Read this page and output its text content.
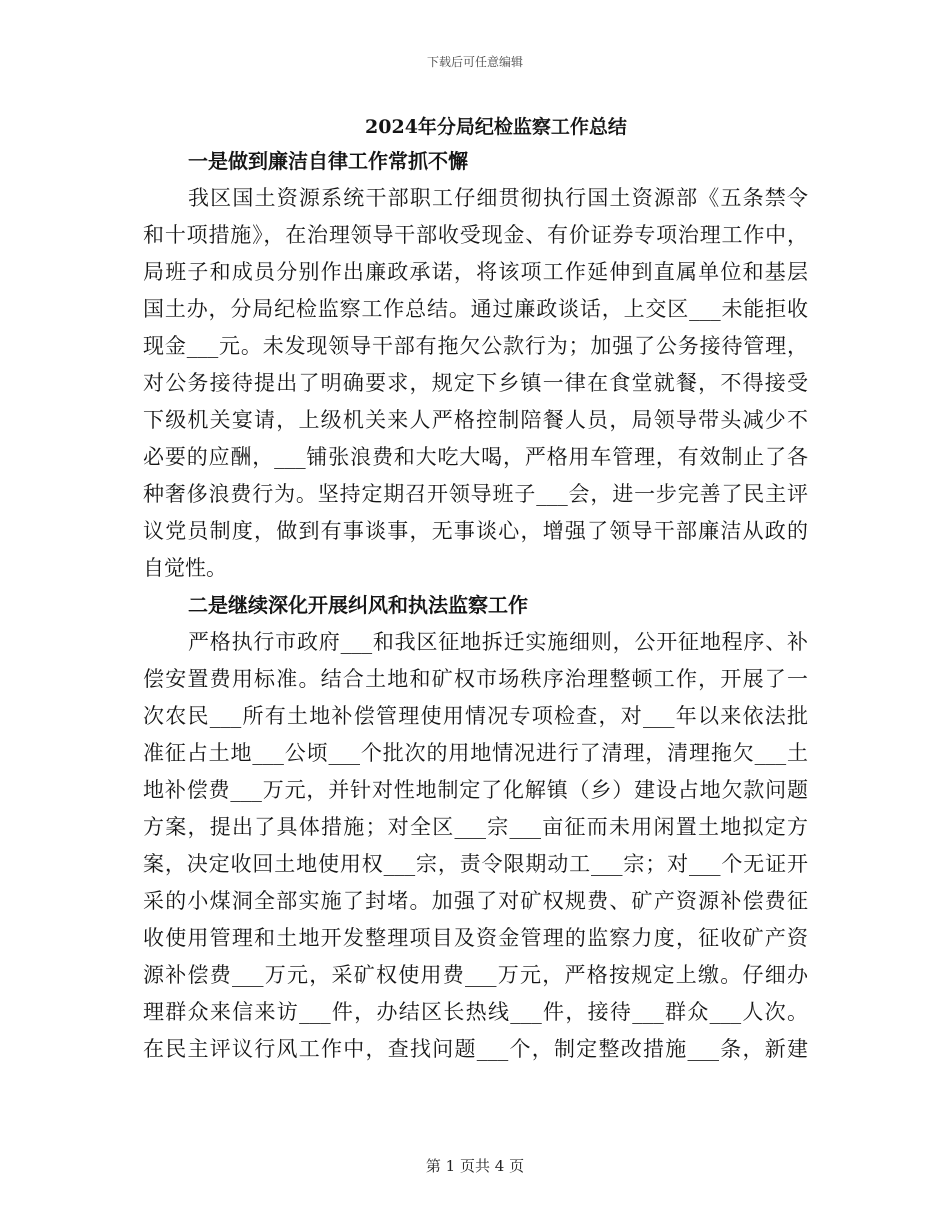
下载后可任意编辑
2024年分局纪检监察工作总结
一是做到廉洁自律工作常抓不懈
我区国土资源系统干部职工仔细贯彻执行国土资源部《五条禁令
和十项措施》，在治理领导干部收受现金、有价证券专项治理工作中，
局班子和成员分别作出廉政承诺，将该项工作延伸到直属单位和基层
国土办，分局纪检监察工作总结。通过廉政谈话，上交区___未能拒收
现金___元。未发现领导干部有拖欠公款行为；加强了公务接待管理，
对公务接待提出了明确要求，规定下乡镇一律在食堂就餐，不得接受
下级机关宴请，上级机关来人严格控制陪餐人员，局领导带头减少不
必要的应酬，___铺张浪费和大吃大喝，严格用车管理，有效制止了各
种奢侈浪费行为。坚持定期召开领导班子___会，进一步完善了民主评
议党员制度，做到有事谈事，无事谈心，增强了领导干部廉洁从政的
自觉性。
二是继续深化开展纠风和执法监察工作
严格执行市政府___和我区征地拆迁实施细则，公开征地程序、补
偿安置费用标准。结合土地和矿权市场秩序治理整顿工作，开展了一
次农民___所有土地补偿管理使用情况专项检查，对___年以来依法批
准征占土地___公顷___个批次的用地情况进行了清理，清理拖欠___土
地补偿费___万元，并针对性地制定了化解镇（乡）建设占地欠款问题
方案，提出了具体措施；对全区___宗___亩征而未用闲置土地拟定方
案，决定收回土地使用权___宗，责令限期动工___宗；对___个无证开
采的小煤洞全部实施了封堵。加强了对矿权规费、矿产资源补偿费征
收使用管理和土地开发整理项目及资金管理的监察力度，征收矿产资
源补偿费___万元，采矿权使用费___万元，严格按规定上缴。仔细办
理群众来信来访___件，办结区长热线___件，接待___群众___人次。
在民主评议行风工作中，查找问题___个，制定整改措施___条，新建
第 1 页共 4 页
